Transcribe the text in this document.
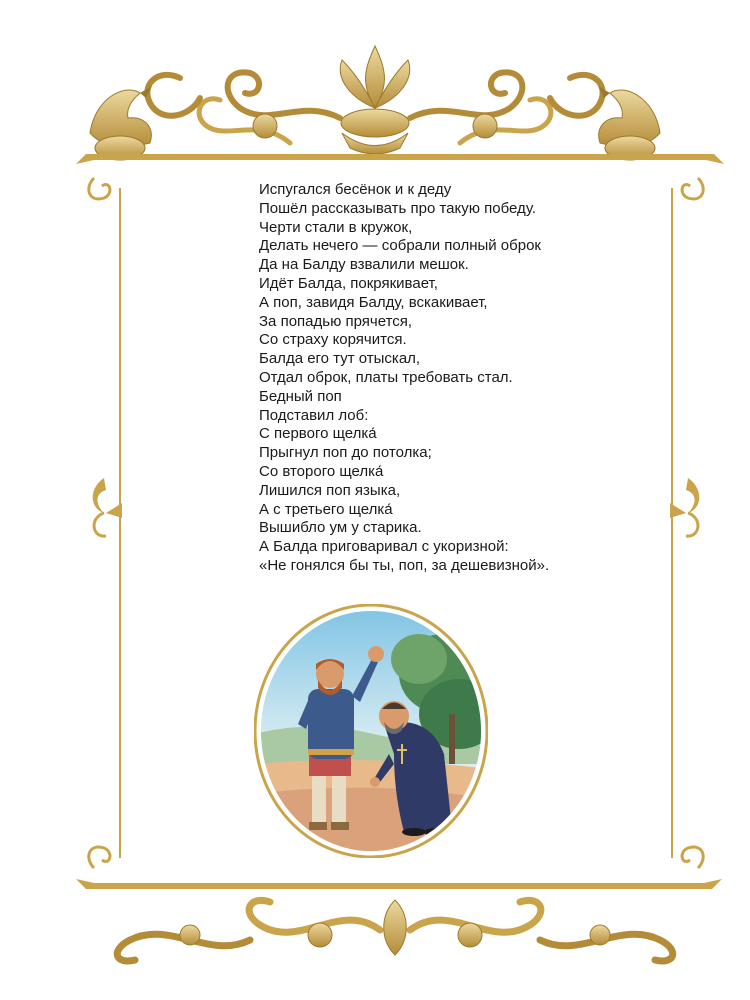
Испугался бесёнок и к деду
Пошёл рассказывать про такую победу.
Черти стали в кружок,
Делать нечего — собрали полный оброк
Да на Балду взвалили мешок.
Идёт Балда, покрякивает,
А поп, завидя Балду, вскакивает,
За попадью прячется,
Со страху корячится.
Балда его тут отыскал,
Отдал оброк, платы требовать стал.
Бедный поп
Подставил лоб:
С первого щелка́
Прыгнул поп до потолка;
Со второго щелка́
Лишился поп языка,
А с третьего щелка́
Вышибло ум у старика.
А Балда приговаривал с укоризной:
«Не гонялся бы ты, поп, за дешевизной».
